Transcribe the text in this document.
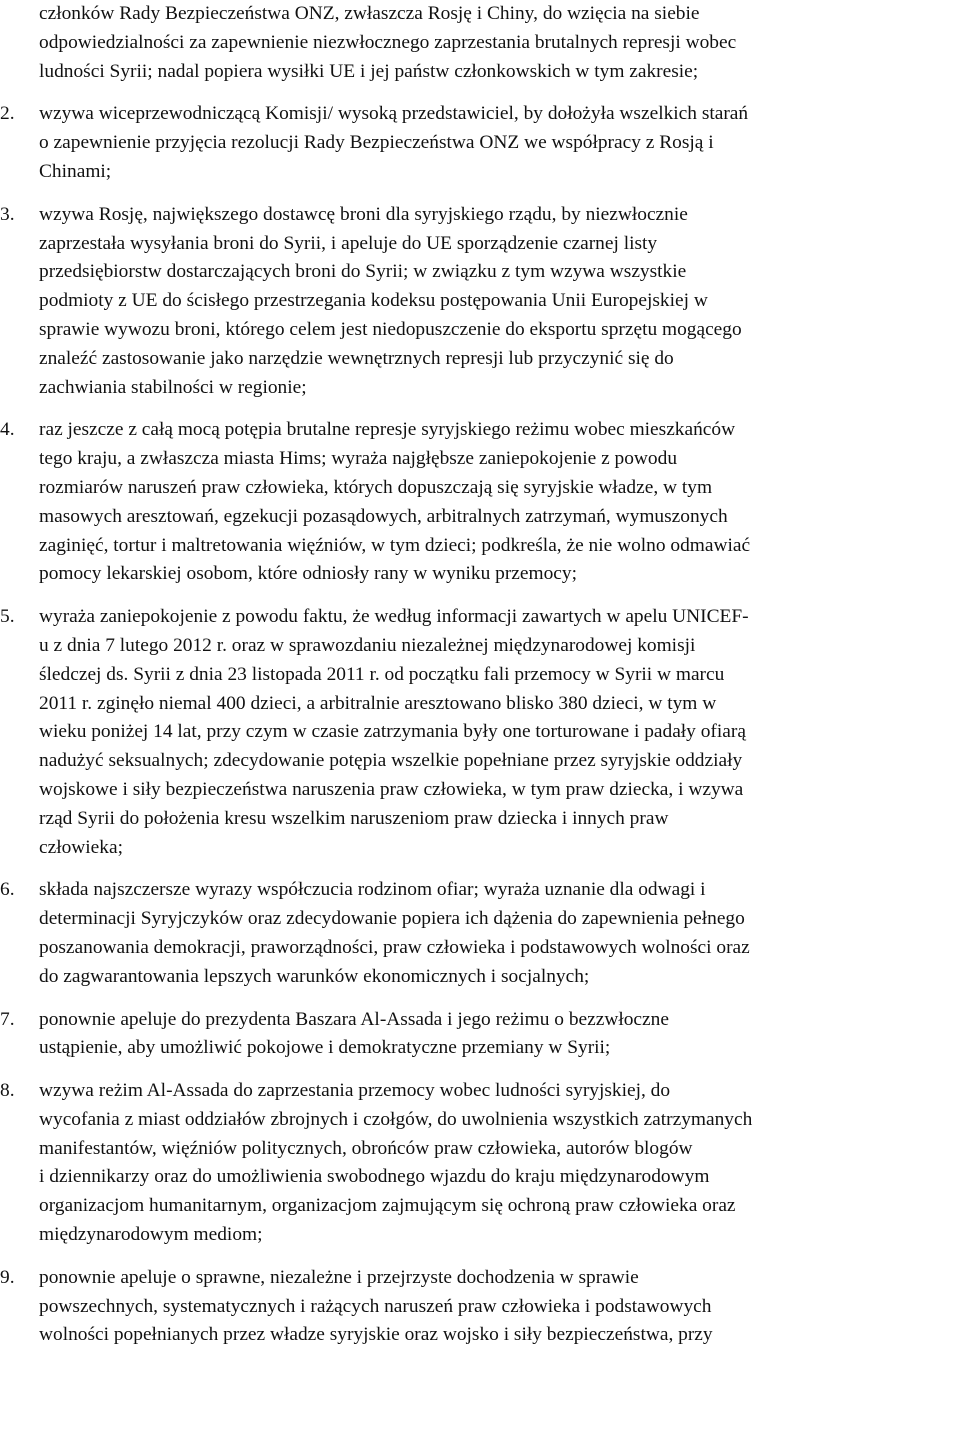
członków Rady Bezpieczeństwa ONZ, zwłaszcza Rosję i Chiny, do wzięcia na siebie
odpowiedzialności za zapewnienie niezwłocznego zaprzestania brutalnych represji wobec
ludności Syrii; nadal popiera wysiłki UE i jej państw członkowskich w tym zakresie;
2.	wzywa wiceprzewodniczącą Komisji/ wysoką przedstawiciel, by dołożyła wszelkich starań
o zapewnienie przyjęcia rezolucji Rady Bezpieczeństwa ONZ we współpracy z Rosją i
Chinami;
3.	wzywa Rosję, największego dostawcę broni dla syryjskiego rządu, by niezwłocznie
zaprzestała wysyłania broni do Syrii, i apeluje do UE sporządzenie czarnej listy
przedsiębiorstw dostarczających broni do Syrii; w związku z tym wzywa wszystkie
podmioty z UE do ścisłego przestrzegania kodeksu postępowania Unii Europejskiej w
sprawie wywozu broni, którego celem jest niedopuszczenie do eksportu sprzętu mogącego
znaleźć zastosowanie jako narzędzie wewnętrznych represji lub przyczynić się do
zachwiania stabilności w regionie;
4.	raz jeszcze z całą mocą potępia brutalne represje syryjskiego reżimu wobec mieszkańców
tego kraju, a zwłaszcza miasta Hims; wyraża najgłębsze zaniepokojenie z powodu
rozmiarów naruszeń praw człowieka, których dopuszczają się syryjskie władze, w tym
masowych aresztowań, egzekucji pozasądowych, arbitralnych zatrzymań, wymuszonych
zaginięć, tortur i maltretowania więźniów, w tym dzieci; podkreśla, że nie wolno odmawiać
pomocy lekarskiej osobom, które odniosły rany w wyniku przemocy;
5.	wyraża zaniepokojenie z powodu faktu, że według informacji zawartych w apelu UNICEF-
u z dnia 7 lutego 2012 r. oraz w sprawozdaniu niezależnej międzynarodowej komisji
śledczej ds. Syrii z dnia 23 listopada 2011 r. od początku fali przemocy w Syrii w marcu
2011 r. zginęło niemal 400 dzieci, a arbitralnie aresztowano blisko 380 dzieci, w tym w
wieku poniżej 14 lat, przy czym w czasie zatrzymania były one torturowane i padały ofiarą
nadużyć seksualnych; zdecydowanie potępia wszelkie popełniane przez syryjskie oddziały
wojskowe i siły bezpieczeństwa naruszenia praw człowieka, w tym praw dziecka, i wzywa
rząd Syrii do położenia kresu wszelkim naruszeniom praw dziecka i innych praw
człowieka;
6.	składa najszczersze wyrazy współczucia rodzinom ofiar; wyraża uznanie dla odwagi i
determinacji Syryjczyków oraz zdecydowanie popiera ich dążenia do zapewnienia pełnego
poszanowania demokracji, praworządności, praw człowieka i podstawowych wolności oraz
do zagwarantowania lepszych warunków ekonomicznych i socjalnych;
7.	ponownie apeluje do prezydenta Baszara Al-Assada i jego reżimu o bezzwłoczne
ustąpienie, aby umożliwić pokojowe i demokratyczne przemiany w Syrii;
8.	wzywa reżim Al-Assada do zaprzestania przemocy wobec ludności syryjskiej, do
wycofania z miast oddziałów zbrojnych i czołgów, do uwolnienia wszystkich zatrzymanych
manifestantów, więźniów politycznych, obrońców praw człowieka, autorów blogów
i dziennikarzy oraz do umożliwienia swobodnego wjazdu do kraju międzynarodowym
organizacjom humanitarnym, organizacjom zajmującym się ochroną praw człowieka oraz
międzynarodowym mediom;
9.	ponownie apeluje o sprawne, niezależne i przejrzyste dochodzenia w sprawie
powszechnych, systematycznych i rażących naruszeń praw człowieka i podstawowych
wolności popełnianych przez władze syryjskie oraz wojsko i siły bezpieczeństwa, przy
